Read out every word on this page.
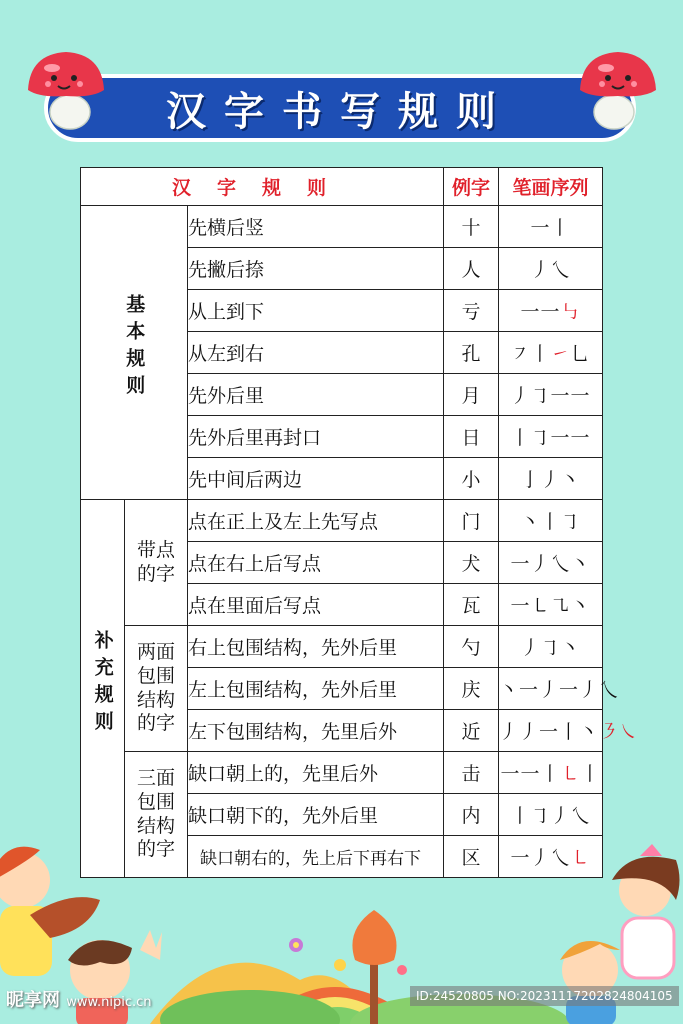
汉字书写规则
汉字规则			例字	笔画序列
基本规则		先横后竖	十	一丨
		先撇后捺	人	丿乀
		从上到下	亏	一一㇉
		从左到右	孔	㇇丨㇀乚
		先外后里	月	丿㇆一一
		先外后里再封口	日	丨㇆一一
		先中间后两边	小	亅丿丶
补充规则	带点的字	点在正上及左上先写点	门	丶丨㇆
		点在右上后写点	犬	一丿乀丶
		点在里面后写点	瓦	一㇄㇈丶
	两面包围结构的字	右上包围结构，先外后里	勺	丿㇆丶
		左上包围结构，先外后里	庆	丶一丿一丿乀
		左下包围结构，先里后外	近	丿丿一丨丶㇋㇏
	三面包围结构的字	缺口朝上的，先里后外	击	一一丨㇄丨
		缺口朝下的，先外后里	内	丨㇆丿乀
		缺口朝右的，先上后下再右下	区	一丿乀㇄
昵享网 www.nipic.cn	ID:24520805 NO:20231117202824804105
